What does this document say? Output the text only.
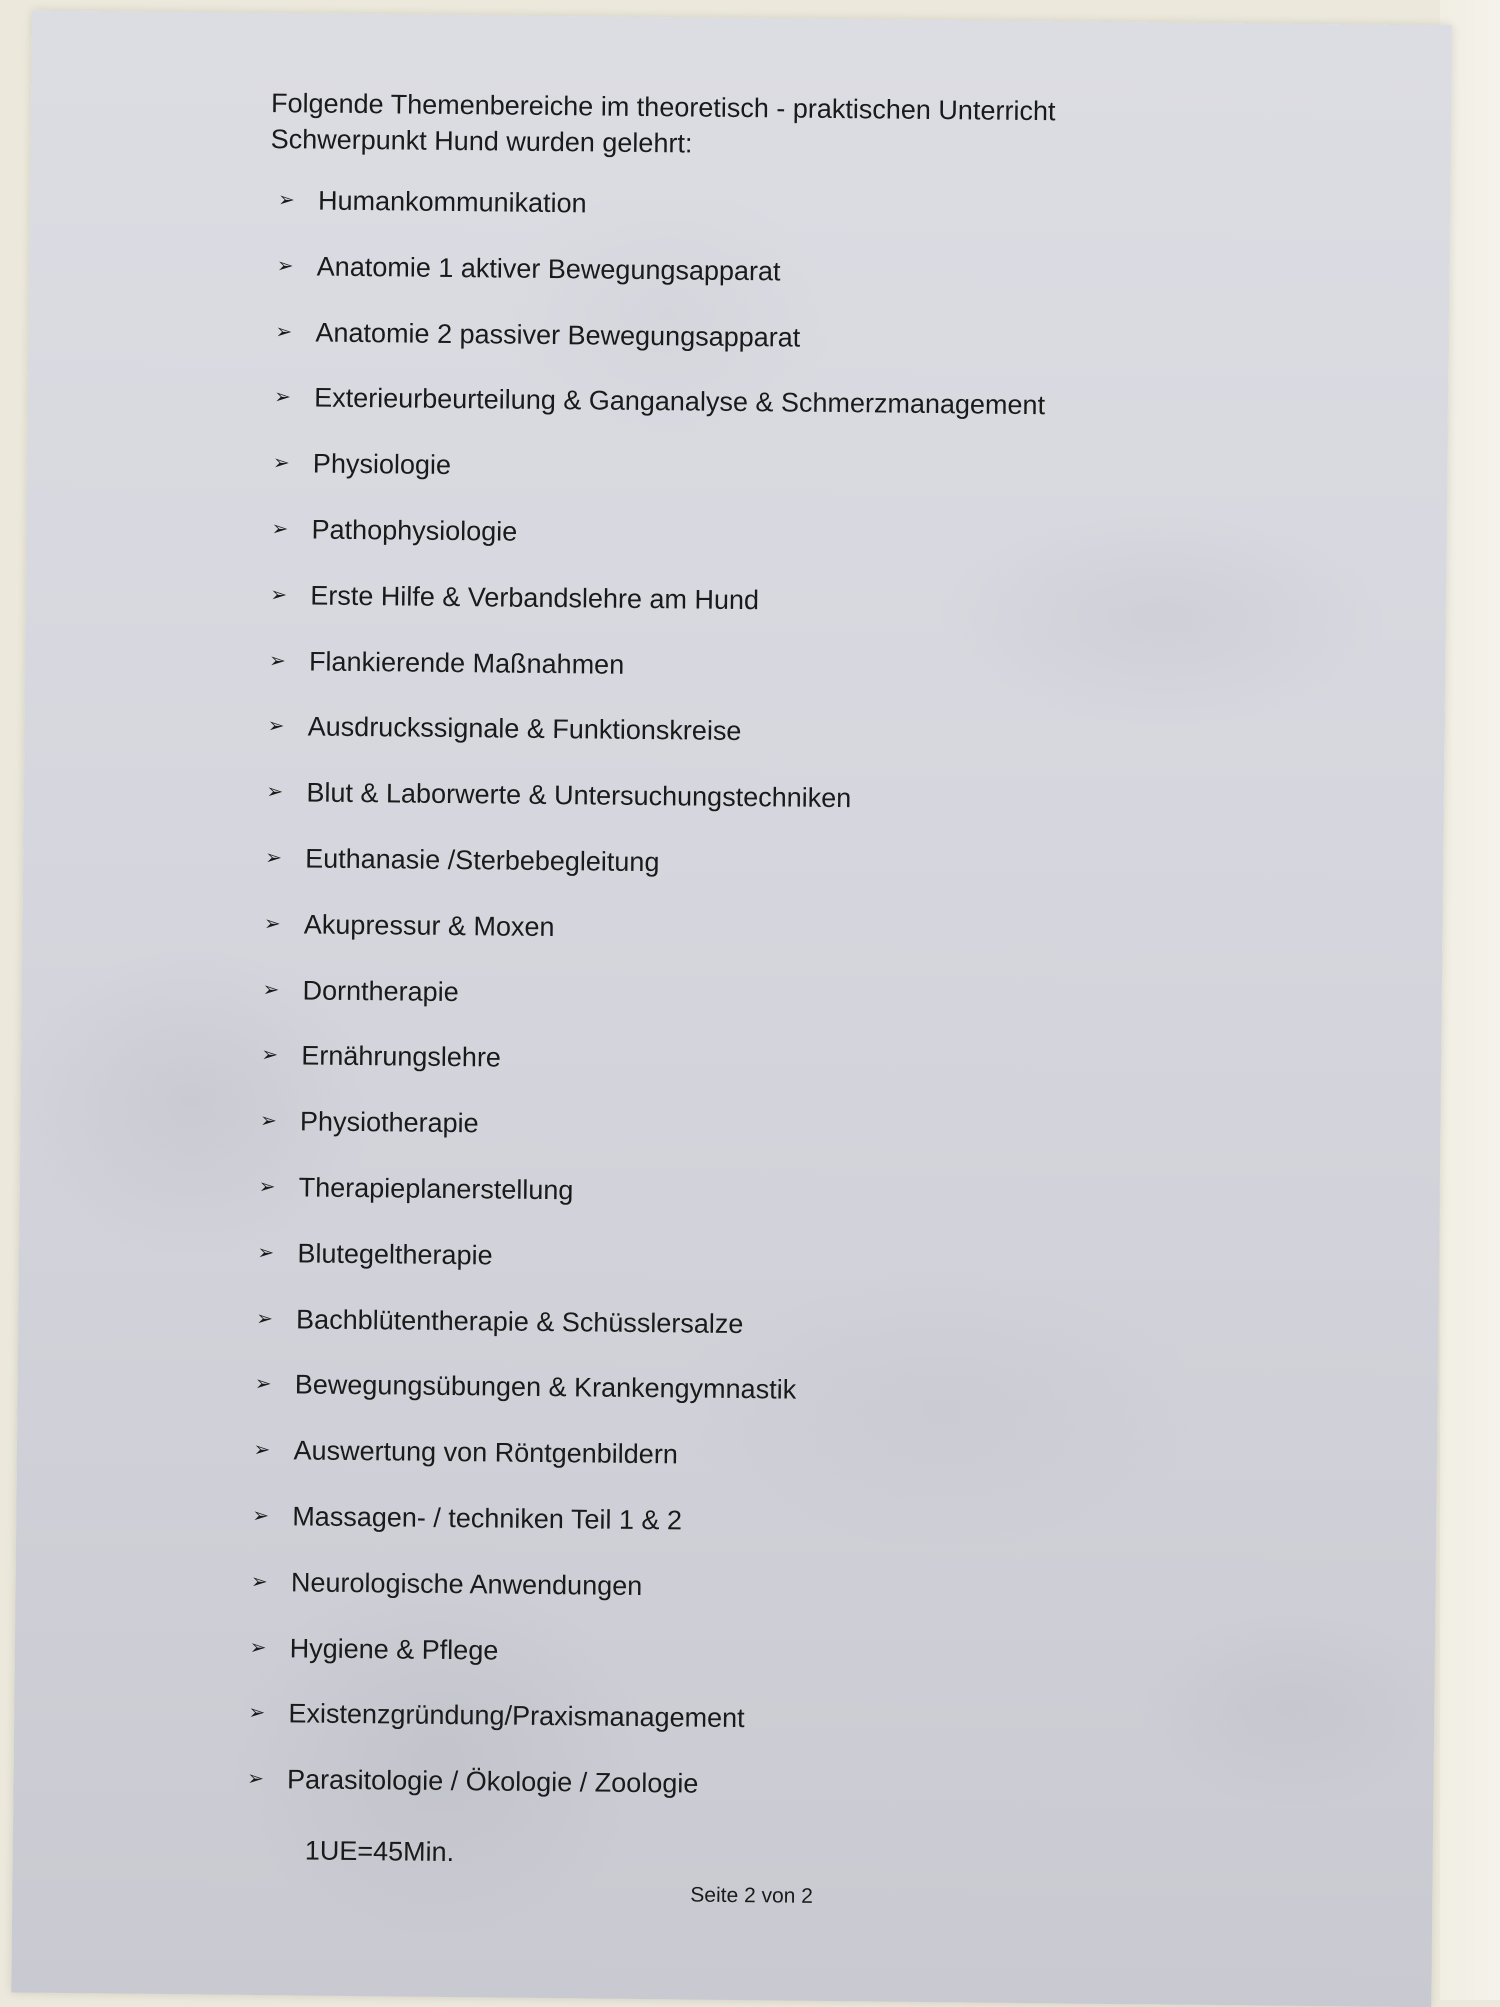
Folgende Themenbereiche im theoretisch - praktischen Unterricht
Schwerpunkt Hund wurden gelehrt:

➢ Humankommunikation
➢ Anatomie 1 aktiver Bewegungsapparat
➢ Anatomie 2 passiver Bewegungsapparat
➢ Exterieurbeurteilung & Ganganalyse & Schmerzmanagement
➢ Physiologie
➢ Pathophysiologie
➢ Erste Hilfe & Verbandslehre am Hund
➢ Flankierende Maßnahmen
➢ Ausdruckssignale & Funktionskreise
➢ Blut & Laborwerte & Untersuchungstechniken
➢ Euthanasie /Sterbebegleitung
➢ Akupressur & Moxen
➢ Dorntherapie
➢ Ernährungslehre
➢ Physiotherapie
➢ Therapieplanerstellung
➢ Blutegeltherapie
➢ Bachblütentherapie & Schüsslersalze
➢ Bewegungsübungen & Krankengymnastik
➢ Auswertung von Röntgenbildern
➢ Massagen- / techniken Teil 1 & 2
➢ Neurologische Anwendungen
➢ Hygiene & Pflege
➢ Existenzgründung/Praxismanagement
➢ Parasitologie / Ökologie / Zoologie

1UE=45Min.

Seite 2 von 2
